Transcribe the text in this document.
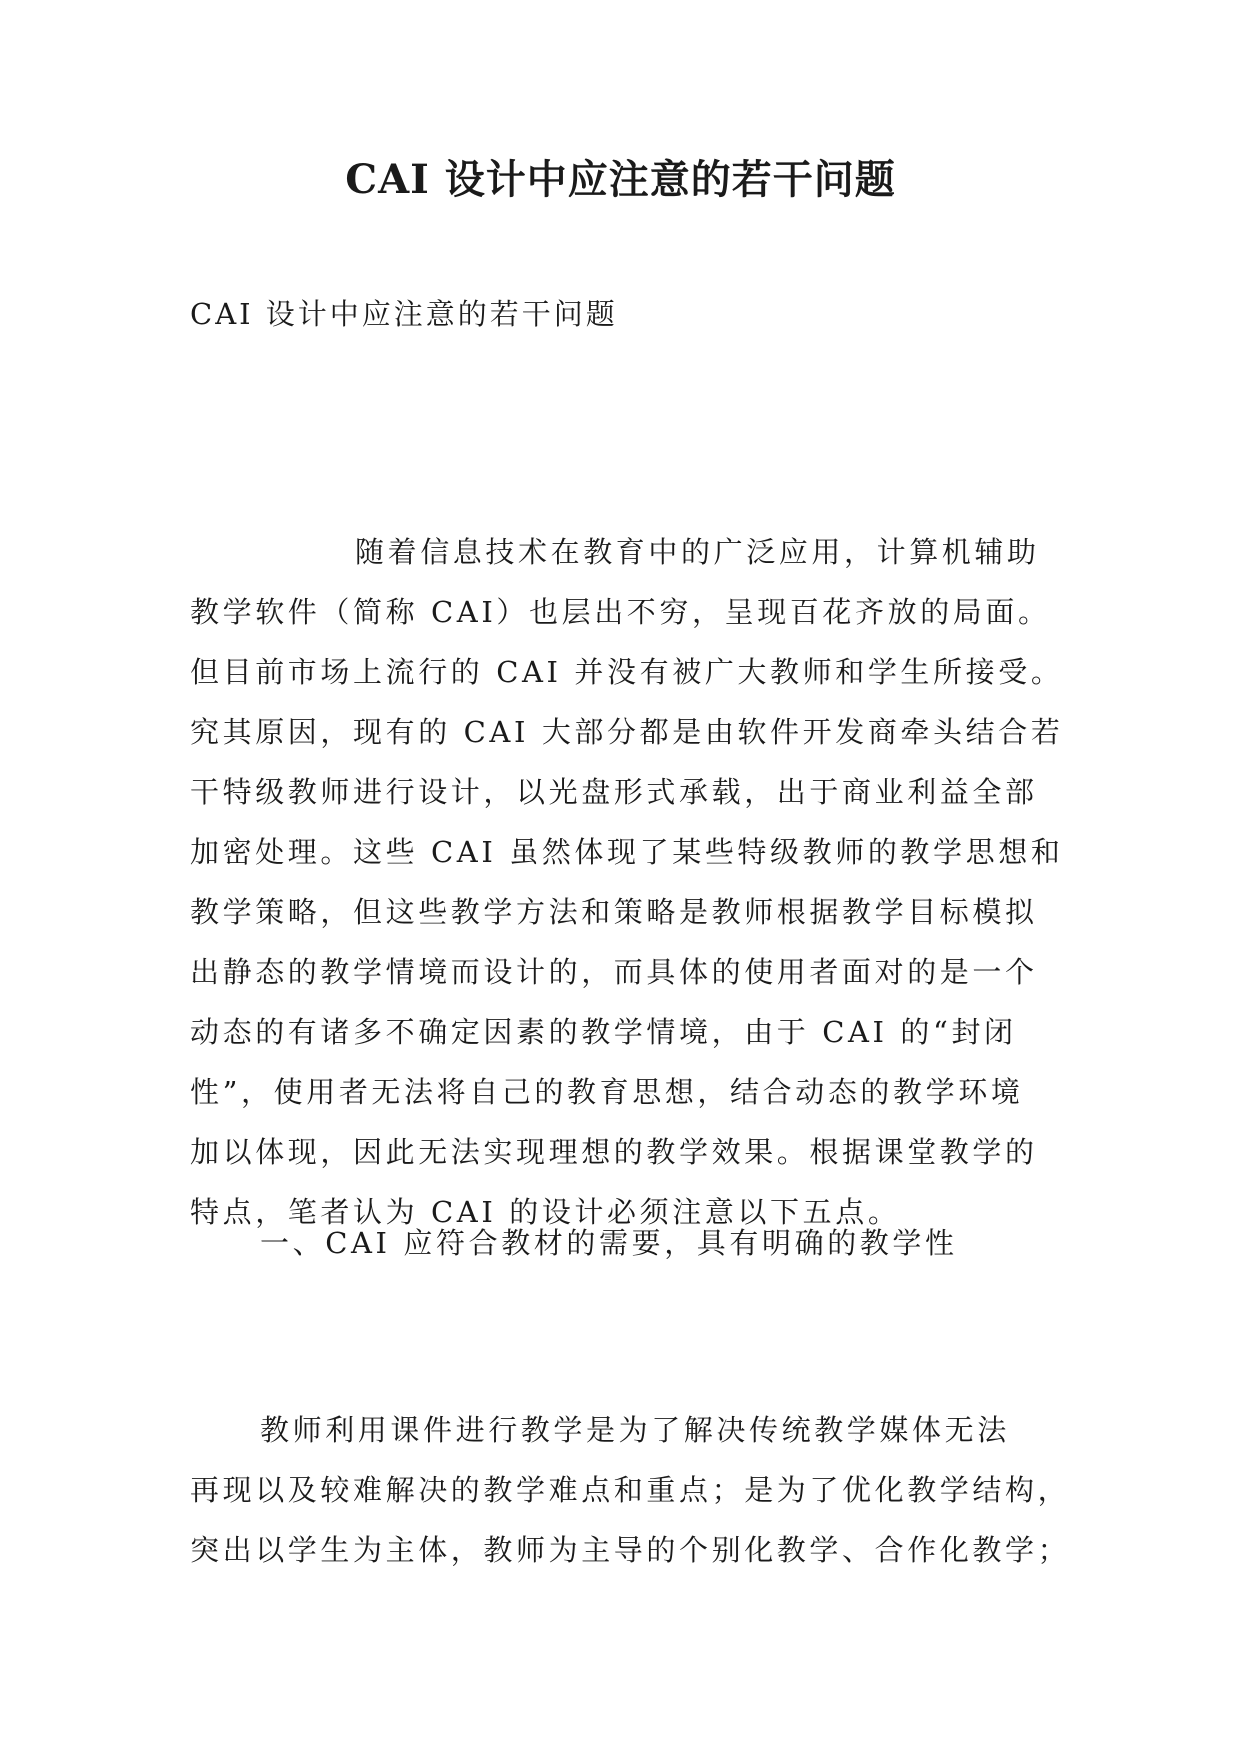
CAI 设计中应注意的若干问题

CAI 设计中应注意的若干问题

随着信息技术在教育中的广泛应用，计算机辅助
教学软件（简称 CAI）也层出不穷，呈现百花齐放的局面。
但目前市场上流行的 CAI 并没有被广大教师和学生所接受。
究其原因，现有的 CAI 大部分都是由软件开发商牵头结合若
干特级教师进行设计，以光盘形式承载，出于商业利益全部
加密处理。这些 CAI 虽然体现了某些特级教师的教学思想和
教学策略，但这些教学方法和策略是教师根据教学目标模拟
出静态的教学情境而设计的，而具体的使用者面对的是一个
动态的有诸多不确定因素的教学情境，由于 CAI 的“封闭
性”，使用者无法将自己的教育思想，结合动态的教学环境
加以体现，因此无法实现理想的教学效果。根据课堂教学的
特点，笔者认为 CAI 的设计必须注意以下五点。
一、CAI 应符合教材的需要，具有明确的教学性
教师利用课件进行教学是为了解决传统教学媒体无法
再现以及较难解决的教学难点和重点；是为了优化教学结构，
突出以学生为主体，教师为主导的个别化教学、合作化教学；
